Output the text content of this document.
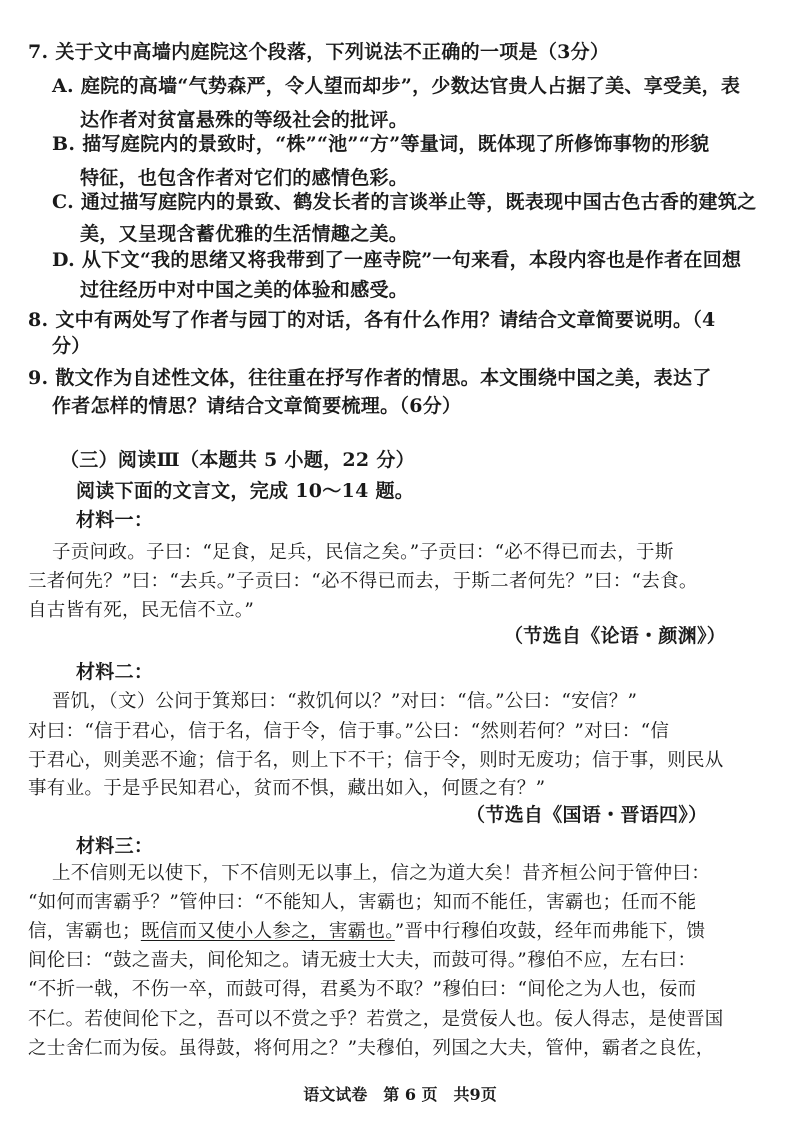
7. 关于文中高墙内庭院这个段落，下列说法不正确的一项是（3分）
A. 庭院的高墙“气势森严，令人望而却步”，少数达官贵人占据了美、享受美，表
达作者对贫富悬殊的等级社会的批评。
B. 描写庭院内的景致时，“株”“池”“方”等量词，既体现了所修饰事物的形貌
特征，也包含作者对它们的感情色彩。
C. 通过描写庭院内的景致、鹤发长者的言谈举止等，既表现中国古色古香的建筑之
美，又呈现含蓄优雅的生活情趣之美。
D. 从下文“我的思绪又将我带到了一座寺院”一句来看，本段内容也是作者在回想
过往经历中对中国之美的体验和感受。
8. 文中有两处写了作者与园丁的对话，各有什么作用？请结合文章简要说明。（4
分）
9. 散文作为自述性文体，往往重在抒写作者的情思。本文围绕中国之美，表达了
作者怎样的情思？请结合文章简要梳理。（6分）
（三）阅读Ⅲ（本题共 5 小题，22 分）
阅读下面的文言文，完成 10～14 题。
材料一：
子贡问政。子曰：“足食，足兵，民信之矣。”子贡曰：“必不得已而去，于斯
三者何先？”曰：“去兵。”子贡曰：“必不得已而去，于斯二者何先？”曰：“去食。
自古皆有死，民无信不立。”
（节选自《论语・颜渊》）
材料二：
晋饥，（文）公问于箕郑曰：“救饥何以？”对曰：“信。”公曰：“安信？”
对曰：“信于君心，信于名，信于令，信于事。”公曰：“然则若何？”对曰：“信
于君心，则美恶不逾；信于名，则上下不干；信于令，则时无废功；信于事，则民从
事有业。于是乎民知君心，贫而不惧，藏出如入，何匮之有？”
（节选自《国语・晋语四》）
材料三：
上不信则无以使下，下不信则无以事上，信之为道大矣！昔齐桓公问于管仲曰：
“如何而害霸乎？”管仲曰：“不能知人，害霸也；知而不能任，害霸也；任而不能
信，害霸也；既信而又使小人参之，害霸也。”晋中行穆伯攻鼓，经年而弗能下，馈
间伦曰：“鼓之啬夫，间伦知之。请无疲士大夫，而鼓可得。”穆伯不应，左右曰：
“不折一戟，不伤一卒，而鼓可得，君奚为不取？”穆伯曰：“间伦之为人也，佞而
不仁。若使间伦下之，吾可以不赏之乎？若赏之，是赏佞人也。佞人得志，是使晋国
之士舍仁而为佞。虽得鼓，将何用之？”夫穆伯，列国之大夫，管仲，霸者之良佐，
语文试卷　第 6 页　共9页
